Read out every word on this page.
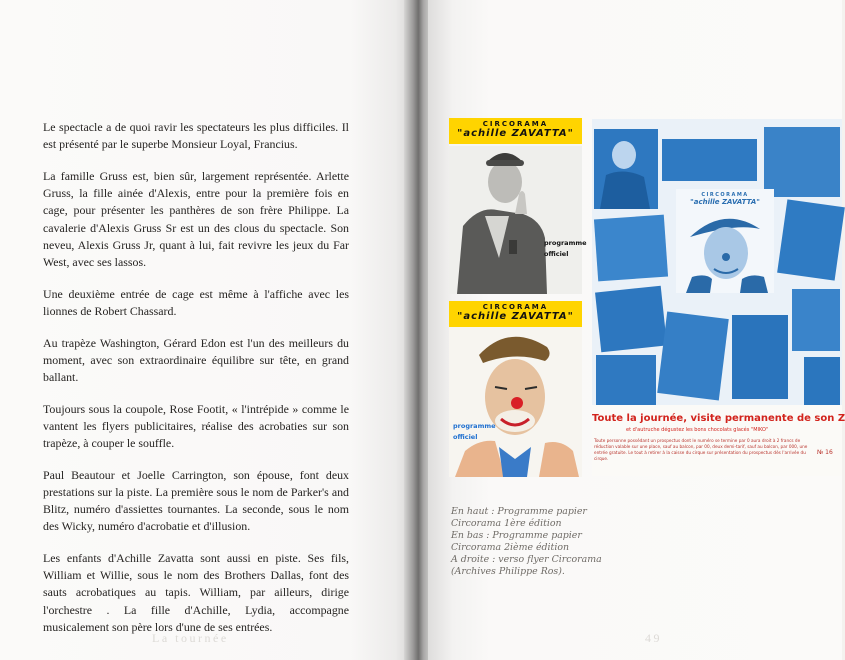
Le spectacle a de quoi ravir les spectateurs les plus difficiles. Il est présenté par le superbe Monsieur Loyal, Francius.

La famille Gruss est, bien sûr, largement représentée. Arlette Gruss, la fille ainée d'Alexis, entre pour la première fois en cage, pour présenter les panthères de son frère Philippe. La cavalerie d'Alexis Gruss Sr est un des clous du spectacle. Son neveu, Alexis Gruss Jr, quant à lui, fait revivre les jeux du Far West, avec ses lassos.

Une deuxième entrée de cage est même à l'affiche avec les lionnes de Robert Chassard.

Au trapèze Washington, Gérard Edon est l'un des meilleurs du moment, avec son extraordinaire équilibre sur tête, en grand ballant.

Toujours sous la coupole, Rose Footit, « l'intrépide » comme le vantent les flyers publicitaires, réalise des acrobaties sur son trapèze, à couper le souffle.

Paul Beautour et Joelle Carrington, son épouse, font deux prestations sur la piste. La première sous le nom de Parker's and Blitz, numéro d'assiettes tournantes. La seconde, sous le nom des Wicky, numéro d'acrobatie et d'illusion.

Les enfants d'Achille Zavatta sont aussi en piste. Ses fils, William et Willie, sous le nom des Brothers Dallas, font des sauts acrobatiques au tapis. William, par ailleurs, dirige l'orchestre . La fille d'Achille, Lydia, accompagne musicalement son père lors d'une de ses entrées.

La tournée	49
CIRCORAMA
"achille ZAVATTA"
programme
officiel
CIRCORAMA
"achille ZAVATTA"
programme
officiel
CIRCORAMA
"achille ZAVATTA"
Toute la journée, visite permanente de son Z
et d'autruche dégustez les bons chocolats glacés "MIKO"
Toute personne possédant un prospectus dont le numéro se termine par 0 aura droit à 2 francs de réduction valable sur une place, sauf au balcon, par 00, deux demi-tarif, sauf au balcon, par 000, une entrée gratuite. Le tout à retirer à la caisse du cirque sur présentation du prospectus dès l'arrivée du cirque.
№ 16
En haut : Programme papier
Circorama 1ère édition
En bas : Programme papier
Circorama 2ième édition
A droite : verso flyer Circorama
(Archives Philippe Ros).
